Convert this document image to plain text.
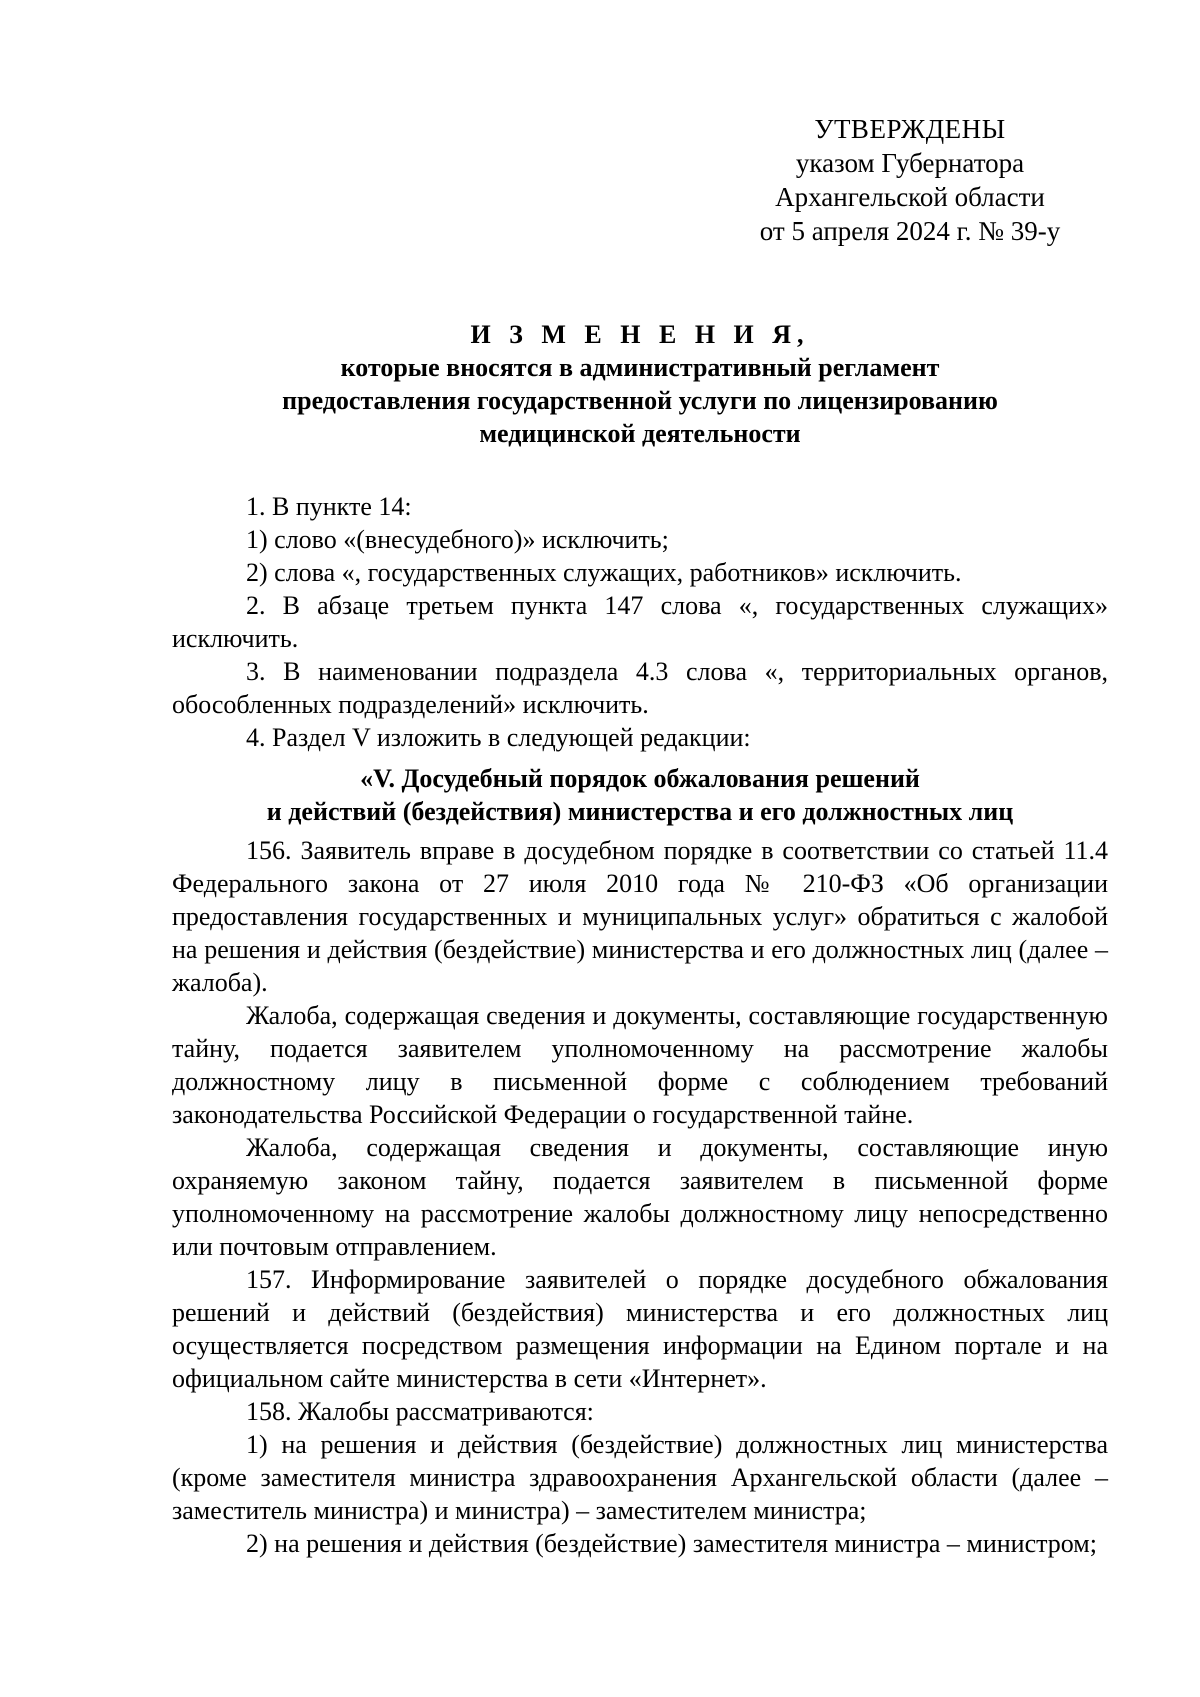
УТВЕРЖДЕНЫ
указом Губернатора
Архангельской области
от 5 апреля 2024 г. № 39-у
И З М Е Н Е Н И Я,
которые вносятся в административный регламент
предоставления государственной услуги по лицензированию
медицинской деятельности

1. В пункте 14:

1) слово «(внесудебного)» исключить;

2) слова «, государственных служащих, работников» исключить.

2. В абзаце третьем пункта 147 слова «, государственных служащих» исключить.

3. В наименовании подраздела 4.3 слова «, территориальных органов, обособленных подразделений» исключить.

4. Раздел V изложить в следующей редакции:

«V. Досудебный порядок обжалования решений
и действий (бездействия) министерства и его должностных лиц

156. Заявитель вправе в досудебном порядке в соответствии со статьей 11.4 Федерального закона от 27 июля 2010 года № 210-ФЗ «Об организации предоставления государственных и муниципальных услуг» обратиться с жалобой на решения и действия (бездействие) министерства и его должностных лиц (далее – жалоба).

Жалоба, содержащая сведения и документы, составляющие государственную тайну, подается заявителем уполномоченному на рассмотрение жалобы должностному лицу в письменной форме с соблюдением требований законодательства Российской Федерации о государственной тайне.

Жалоба, содержащая сведения и документы, составляющие иную охраняемую законом тайну, подается заявителем в письменной форме уполномоченному на рассмотрение жалобы должностному лицу непосредственно или почтовым отправлением.

157. Информирование заявителей о порядке досудебного обжалования решений и действий (бездействия) министерства и его должностных лиц осуществляется посредством размещения информации на Едином портале и на официальном сайте министерства в сети «Интернет».

158. Жалобы рассматриваются:

1) на решения и действия (бездействие) должностных лиц министерства (кроме заместителя министра здравоохранения Архангельской области (далее – заместитель министра) и министра) – заместителем министра;

2) на решения и действия (бездействие) заместителя министра – министром;
